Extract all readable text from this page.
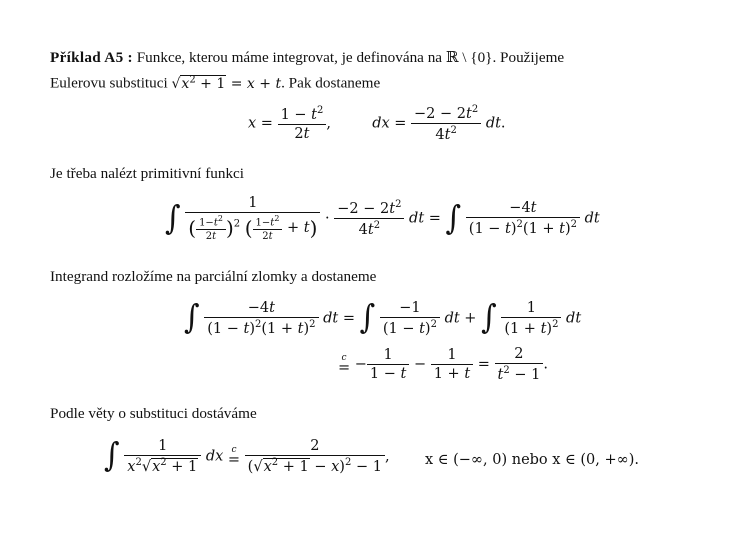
Příklad A5 : Funkce, kterou máme integrovat, je definována na ℝ \ {0}. Použijeme
Eulerovu substituci $√x^2 + 1 = x + t$. Pak dostaneme
$x = \frac{1 - t^2}{2t}$ ,	dx = $\frac{-2 - 2t^2}{4t^2}$ dt.
Je třeba nalézt primitivní funkci
∫ $\frac{1}{( \frac{1-t^2}{2t} )^2 ( \frac{1-t^2}{2t} + t)} \cdot \frac{-2 - 2t^2}{4t^2}$ dt = ∫ $\frac{-4t}{(1 - t)^2(1 + t)^2}$ dt
Integrand rozložíme na parciální zlomky a dostaneme
∫ $\frac{-4t}{(1 - t)^2(1 + t)^2}$ dt = ∫ $\frac{-1}{(1 - t)^2}$ dt + ∫ $\frac{1}{(1 + t)^2}$ dt
c
= − $\frac{1}{1 - t} - \frac{1}{1 + t} = \frac{2}{t^2 - 1}$ .
Podle věty o substituci dostáváme
∫ $\frac{1}{x^2√x^2 + 1}$ dx c
= $\frac{2}{(√x^2 + 1 - x)^2 - 1}$ , x ∈ (−∞, 0) nebo x ∈ (0, +∞).
